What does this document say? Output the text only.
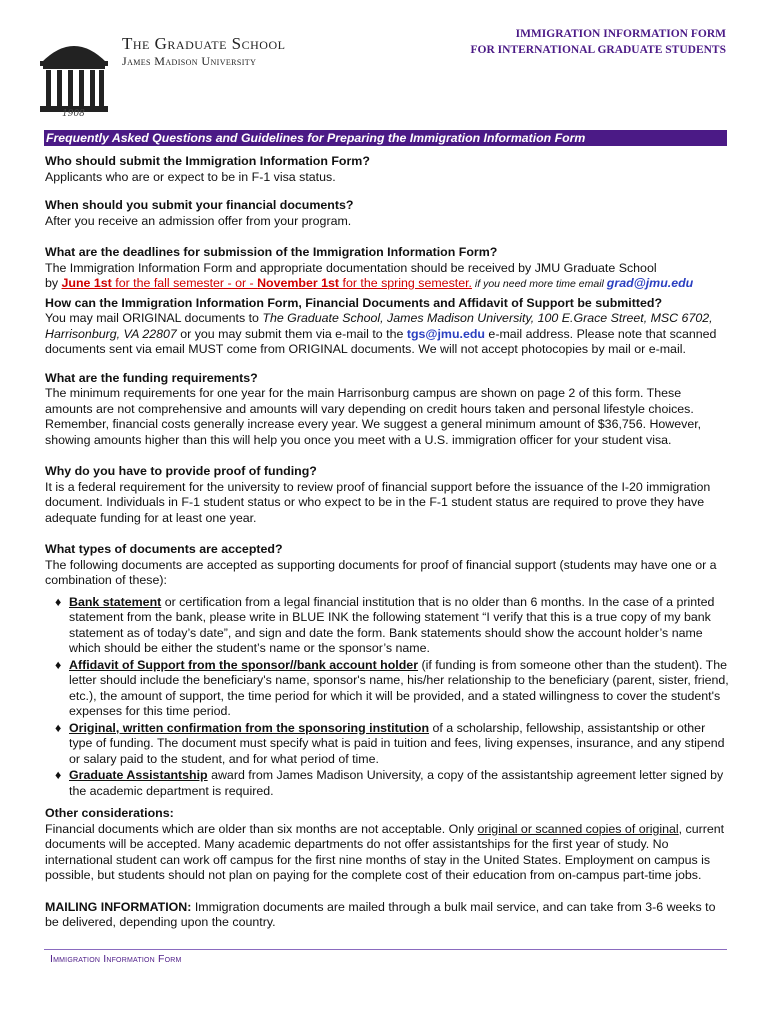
1908
The Graduate School
James Madison University
IMMIGRATION INFORMATION FORM
FOR INTERNATIONAL GRADUATE STUDENTS
Frequently Asked Questions and Guidelines for Preparing the Immigration Information Form

Who should submit the Immigration Information Form?

Applicants who are or expect to be in F-1 visa status.

When should you submit your financial documents?

After you receive an admission offer from your program.

What are the deadlines for submission of the Immigration Information Form?

The Immigration Information Form and appropriate documentation should be received by JMU Graduate School
by June 1st for the fall semester - or - November 1st for the spring semester. if you need more time email grad@jmu.edu

How can the Immigration Information Form, Financial Documents and Affidavit of Support be submitted?

You may mail ORIGINAL documents to The Graduate School, James Madison University, 100 E.Grace Street, MSC 6702, Harrisonburg, VA 22807 or you may submit them via e-mail to the tgs@jmu.edu e-mail address. Please note that scanned documents sent via email MUST come from ORIGINAL documents. We will not accept photocopies by mail or e-mail.

What are the funding requirements?

The minimum requirements for one year for the main Harrisonburg campus are shown on page 2 of this form. These amounts are not comprehensive and amounts will vary depending on credit hours taken and personal lifestyle choices. Remember, financial costs generally increase every year. We suggest a general minimum amount of $36,756. However, showing amounts higher than this will help you once you meet with a U.S. immigration officer for your student visa.

Why do you have to provide proof of funding?

It is a federal requirement for the university to review proof of financial support before the issuance of the I-20 immigration document. Individuals in F-1 student status or who expect to be in the F-1 student status are required to prove they have adequate funding for at least one year.

What types of documents are accepted?

The following documents are accepted as supporting documents for proof of financial support (students may have one or a combination of these):

♦ Bank statement or certification from a legal financial institution that is no older than 6 months. In the case of a printed statement from the bank, please write in BLUE INK the following statement “I verify that this is a true copy of my bank statement as of today’s date”, and sign and date the form. Bank statements should show the account holder’s name which should be either the student’s name or the sponsor’s name.
♦ Affidavit of Support from the sponsor//bank account holder (if funding is from someone other than the student). The letter should include the beneficiary's name, sponsor's name, his/her relationship to the beneficiary (parent, sister, friend, etc.), the amount of support, the time period for which it will be provided, and a stated willingness to cover the student's expenses for this time period.
♦ Original, written confirmation from the sponsoring institution of a scholarship, fellowship, assistantship or other type of funding. The document must specify what is paid in tuition and fees, living expenses, insurance, and any stipend or salary paid to the student, and for what period of time.
♦ Graduate Assistantship award from James Madison University, a copy of the assistantship agreement letter signed by the academic department is required.

Other considerations:

Financial documents which are older than six months are not acceptable. Only original or scanned copies of original, current documents will be accepted. Many academic departments do not offer assistantships for the first year of study. No international student can work off campus for the first nine months of stay in the United States. Employment on campus is possible, but students should not plan on paying for the complete cost of their education from on-campus part-time jobs.

MAILING INFORMATION: Immigration documents are mailed through a bulk mail service, and can take from 3-6 weeks to be delivered, depending upon the country.

Immigration Information Form
